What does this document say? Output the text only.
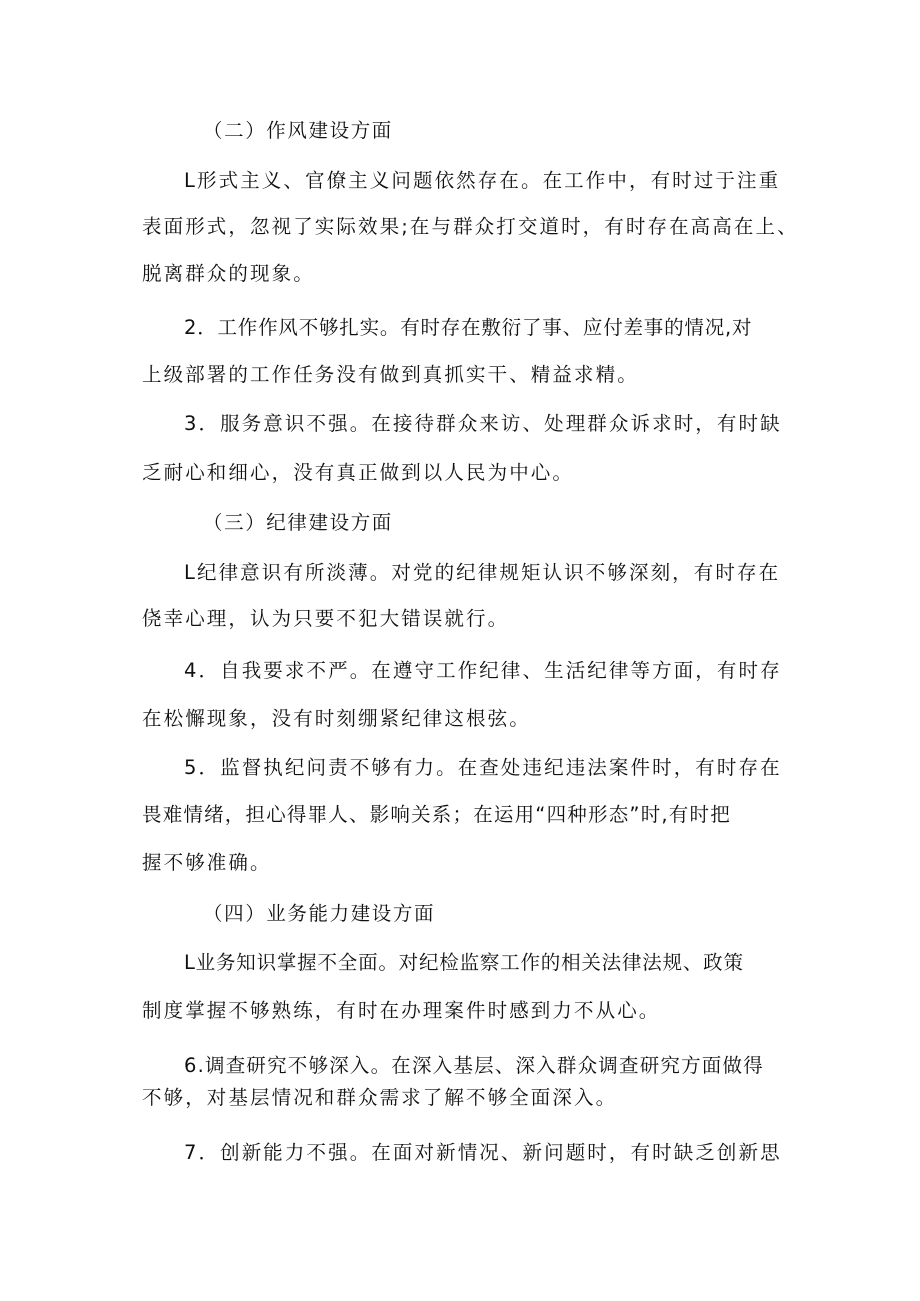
（二）作风建设方面
L形式主义、官僚主义问题依然存在。在工作中，有时过于注重
表面形式，忽视了实际效果;在与群众打交道时，有时存在高高在上、
脱离群众的现象。
2．工作作风不够扎实。有时存在敷衍了事、应付差事的情况,对
上级部署的工作任务没有做到真抓实干、精益求精。
3．服务意识不强。在接待群众来访、处理群众诉求时，有时缺
乏耐心和细心，没有真正做到以人民为中心。
（三）纪律建设方面
L纪律意识有所淡薄。对党的纪律规矩认识不够深刻，有时存在
侥幸心理，认为只要不犯大错误就行。
4．自我要求不严。在遵守工作纪律、生活纪律等方面，有时存
在松懈现象，没有时刻绷紧纪律这根弦。
5．监督执纪问责不够有力。在查处违纪违法案件时，有时存在
畏难情绪，担心得罪人、影响关系；在运用“四种形态”时,有时把
握不够准确。
（四）业务能力建设方面
L业务知识掌握不全面。对纪检监察工作的相关法律法规、政策
制度掌握不够熟练，有时在办理案件时感到力不从心。
6.调查研究不够深入。在深入基层、深入群众调查研究方面做得
不够，对基层情况和群众需求了解不够全面深入。
7．创新能力不强。在面对新情况、新问题时，有时缺乏创新思
